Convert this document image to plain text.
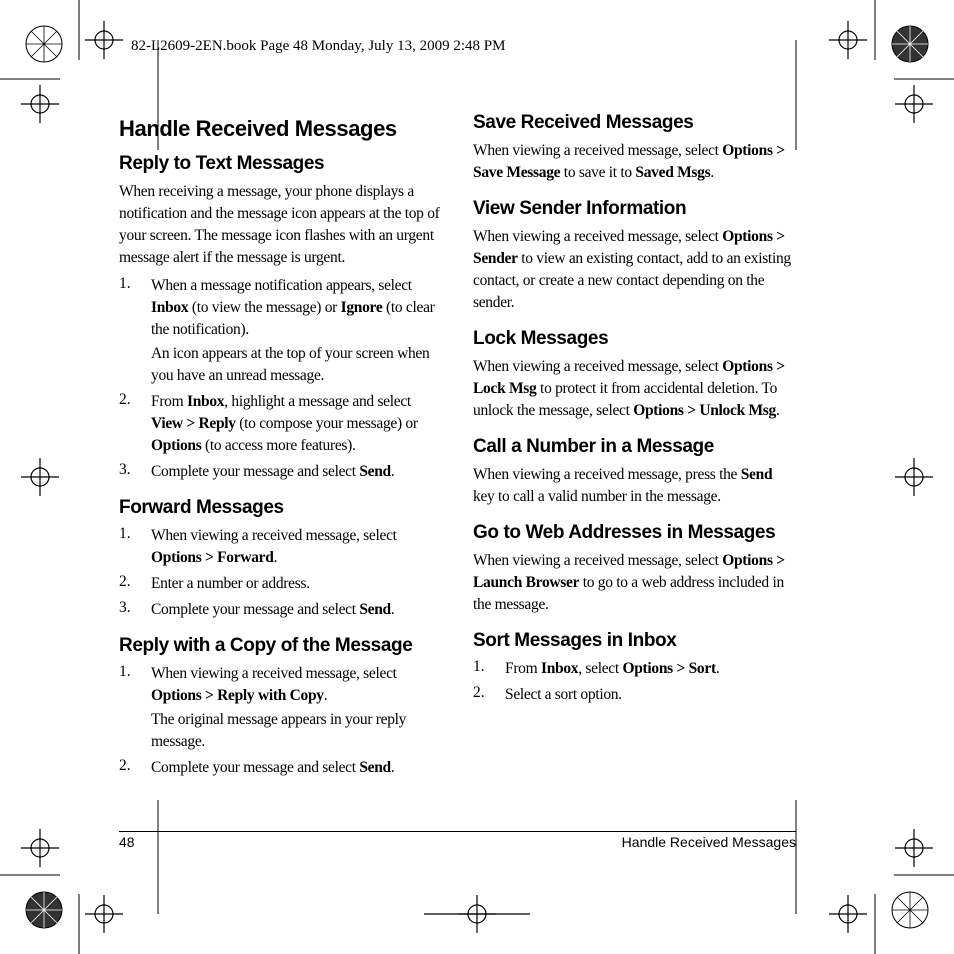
82-L2609-2EN.book Page 48 Monday, July 13, 2009 2:48 PM
Handle Received Messages
Reply to Text Messages

When receiving a message, your phone displays a notification and the message icon appears at the top of your screen. The message icon flashes with an urgent message alert if the message is urgent.

1. When a message notification appears, select Inbox (to view the message) or Ignore (to clear the notification).
An icon appears at the top of your screen when you have an unread message.
2. From Inbox, highlight a message and select View > Reply (to compose your message) or Options (to access more features).
3. Complete your message and select Send.
Forward Messages
1. When viewing a received message, select Options > Forward.
2. Enter a number or address.
3. Complete your message and select Send.
Reply with a Copy of the Message
1. When viewing a received message, select Options > Reply with Copy.
The original message appears in your reply message.
2. Complete your message and select Send.
Save Received Messages

When viewing a received message, select Options > Save Message to save it to Saved Msgs.

View Sender Information

When viewing a received message, select Options > Sender to view an existing contact, add to an existing contact, or create a new contact depending on the sender.

Lock Messages

When viewing a received message, select Options > Lock Msg to protect it from accidental deletion. To unlock the message, select Options > Unlock Msg.

Call a Number in a Message

When viewing a received message, press the Send key to call a valid number in the message.

Go to Web Addresses in Messages

When viewing a received message, select Options > Launch Browser to go to a web address included in the message.

Sort Messages in Inbox
1. From Inbox, select Options > Sort.
2. Select a sort option.
48	Handle Received Messages
